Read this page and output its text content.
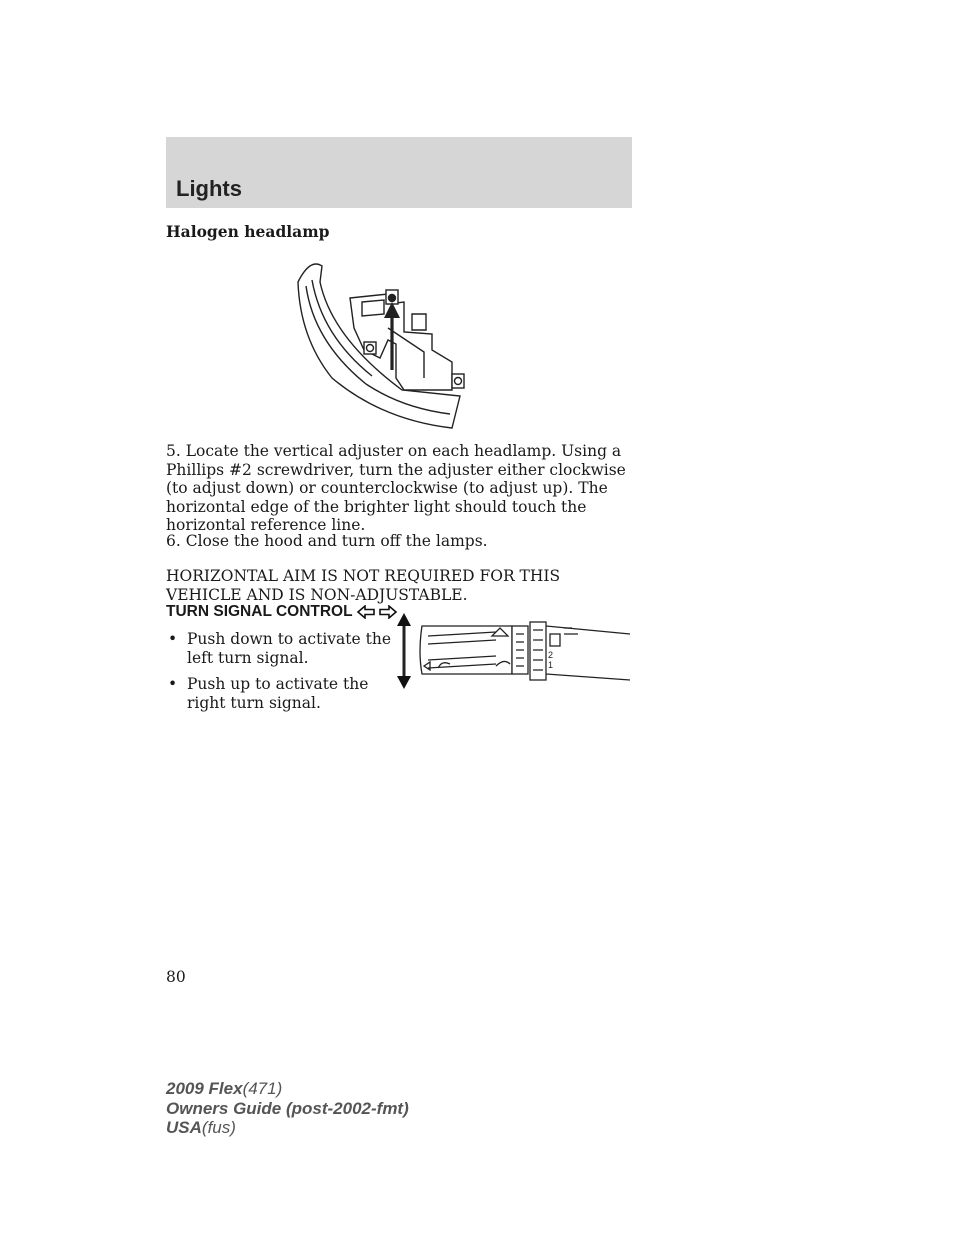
Lights
Halogen headlamp

5. Locate the vertical adjuster on each headlamp. Using a Phillips #2 screwdriver, turn the adjuster either clockwise (to adjust down) or counterclockwise (to adjust up). The horizontal edge of the brighter light should touch the horizontal reference line.

6. Close the hood and turn off the lamps.

HORIZONTAL AIM IS NOT REQUIRED FOR THIS VEHICLE AND IS NON-ADJUSTABLE.

TURN SIGNAL CONTROL
• Push down to activate the left turn signal.
• Push up to activate the right turn signal.
2
1
80
2009 Flex(471)
Owners Guide (post-2002-fmt)
USA(fus)
